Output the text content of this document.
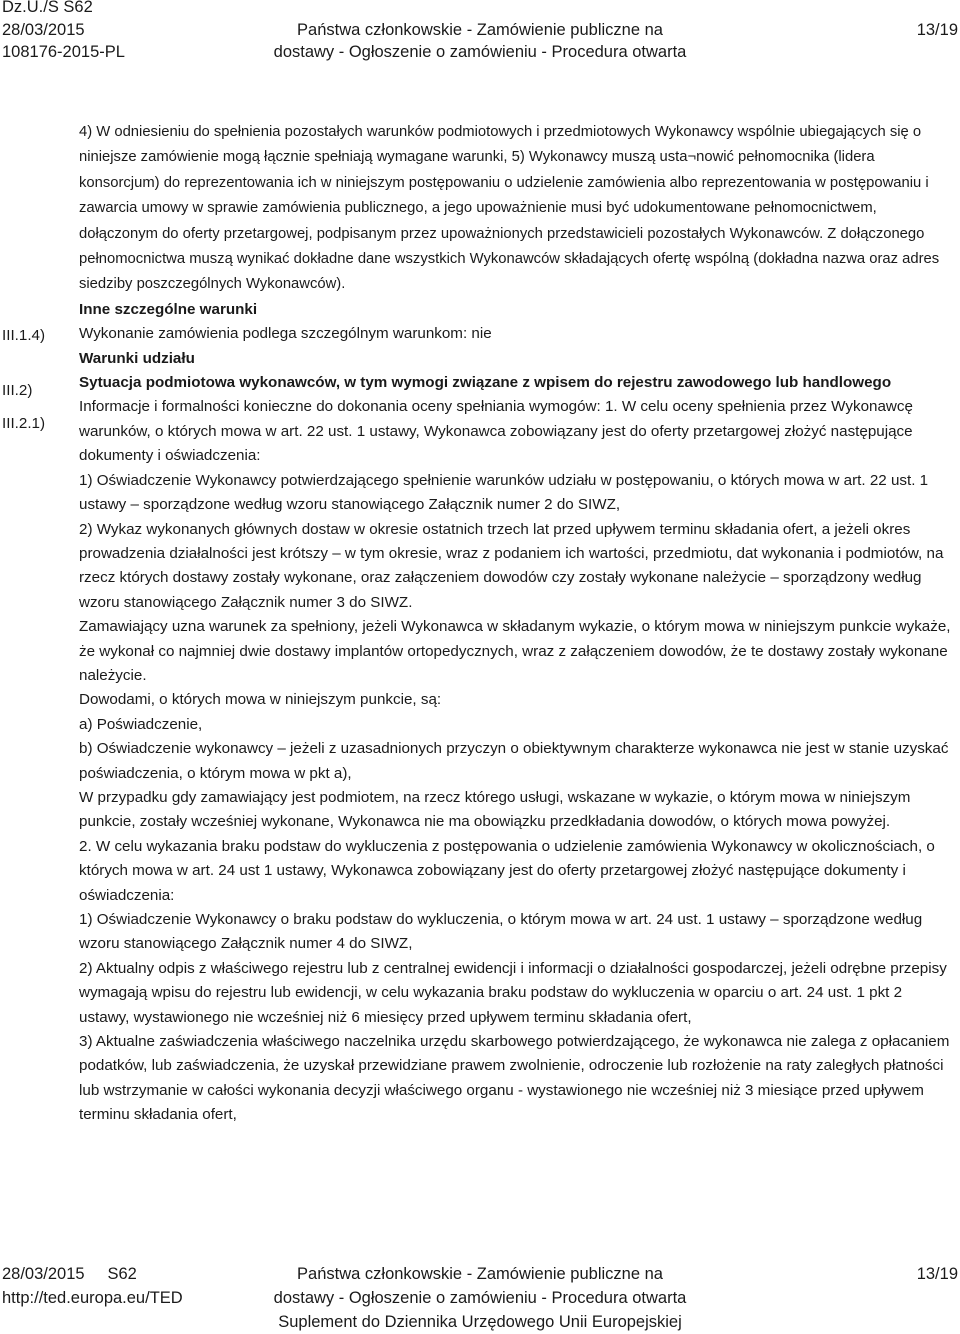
Dz.U./S S62
28/03/2015
108176-2015-PL
Państwa członkowskie - Zamówienie publiczne na
dostawy - Ogłoszenie o zamówieniu - Procedura otwarta
13/19
III.1.4)
III.2)
III.2.1)

4) W odniesieniu do spełnienia pozostałych warunków podmiotowych i przedmiotowych Wykonawcy wspólnie ubiegających się o niniejsze zamówienie mogą łącznie spełniają wymagane warunki, 5) Wykonawcy muszą usta¬nowić pełnomocnika (lidera konsorcjum) do reprezentowania ich w niniejszym postępowaniu o udzielenie zamówienia albo reprezentowania w postępowaniu i zawarcia umowy w sprawie zamówienia publicznego, a jego upoważnienie musi być udokumentowane pełnomocnictwem, dołączonym do oferty przetargowej, podpisanym przez upoważnionych przedstawicieli pozostałych Wykonawców. Z dołączonego pełnomocnictwa muszą wynikać dokładne dane wszystkich Wykonawców składających ofertę wspólną (dokładna nazwa oraz adres siedziby poszczególnych Wykonawców).

Inne szczególne warunki

Wykonanie zamówienia podlega szczególnym warunkom: nie

Warunki udziału

Sytuacja podmiotowa wykonawców, w tym wymogi związane z wpisem do rejestru zawodowego lub handlowego

Informacje i formalności konieczne do dokonania oceny spełniania wymogów: 1. W celu oceny spełnienia przez Wykonawcę warunków, o których mowa w art. 22 ust. 1 ustawy, Wykonawca zobowiązany jest do oferty przetargowej złożyć następujące dokumenty i oświadczenia:

1) Oświadczenie Wykonawcy potwierdzającego spełnienie warunków udziału w postępowaniu, o których mowa w art. 22 ust. 1 ustawy – sporządzone według wzoru stanowiącego Załącznik numer 2 do SIWZ,

2) Wykaz wykonanych głównych dostaw w okresie ostatnich trzech lat przed upływem terminu składania ofert, a jeżeli okres prowadzenia działalności jest krótszy – w tym okresie, wraz z podaniem ich wartości, przedmiotu, dat wykonania i podmiotów, na rzecz których dostawy zostały wykonane, oraz załączeniem dowodów czy zostały wykonane należycie – sporządzony według wzoru stanowiącego Załącznik numer 3 do SIWZ.

Zamawiający uzna warunek za spełniony, jeżeli Wykonawca w składanym wykazie, o którym mowa w niniejszym punkcie wykaże, że wykonał co najmniej dwie dostawy implantów ortopedycznych, wraz z załączeniem dowodów, że te dostawy zostały wykonane należycie.

Dowodami, o których mowa w niniejszym punkcie, są:

a) Poświadczenie,

b) Oświadczenie wykonawcy – jeżeli z uzasadnionych przyczyn o obiektywnym charakterze wykonawca nie jest w stanie uzyskać poświadczenia, o którym mowa w pkt a),

W przypadku gdy zamawiający jest podmiotem, na rzecz którego usługi, wskazane w wykazie, o którym mowa w niniejszym punkcie, zostały wcześniej wykonane, Wykonawca nie ma obowiązku przedkładania dowodów, o których mowa powyżej.

2. W celu wykazania braku podstaw do wykluczenia z postępowania o udzielenie zamówienia Wykonawcy w okolicznościach, o których mowa w art. 24 ust 1 ustawy, Wykonawca zobowiązany jest do oferty przetargowej złożyć następujące dokumenty i oświadczenia:

1) Oświadczenie Wykonawcy o braku podstaw do wykluczenia, o którym mowa w art. 24 ust. 1 ustawy – sporządzone według wzoru stanowiącego Załącznik numer 4 do SIWZ,

2) Aktualny odpis z właściwego rejestru lub z centralnej ewidencji i informacji o działalności gospodarczej, jeżeli odrębne przepisy wymagają wpisu do rejestru lub ewidencji, w celu wykazania braku podstaw do wykluczenia w oparciu o art. 24 ust. 1 pkt 2 ustawy, wystawionego nie wcześniej niż 6 miesięcy przed upływem terminu składania ofert,

3) Aktualne zaświadczenia właściwego naczelnika urzędu skarbowego potwierdzającego, że wykonawca nie zalega z opłacaniem podatków, lub zaświadczenia, że uzyskał przewidziane prawem zwolnienie, odroczenie lub rozłożenie na raty zaległych płatności lub wstrzymanie w całości wykonania decyzji właściwego organu - wystawionego nie wcześniej niż 3 miesiące przed upływem terminu składania ofert,

28/03/2015     S62
http://ted.europa.eu/TED
Państwa członkowskie - Zamówienie publiczne na
dostawy - Ogłoszenie o zamówieniu - Procedura otwarta
Suplement do Dziennika Urzędowego Unii Europejskiej
13/19
